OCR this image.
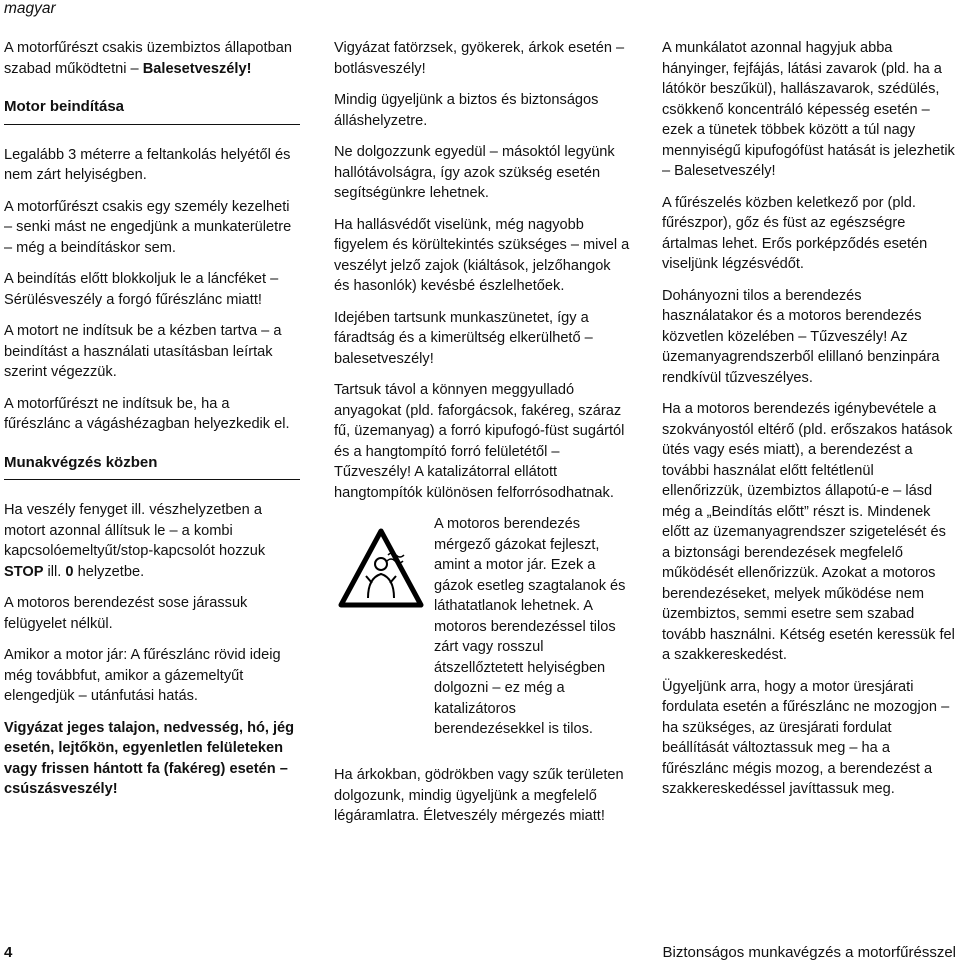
magyar

A motorfűrészt csakis üzembiztos állapotban szabad működtetni – Balesetveszély!

Motor beindítása

Legalább 3 méterre a feltankolás helyétől és nem zárt helyiségben.

A motorfűrészt csakis egy személy kezelheti – senki mást ne engedjünk a munkaterületre – még a beindításkor sem.

A beindítás előtt blokkoljuk le a láncféket – Sérülésveszély a forgó fűrészlánc miatt!

A motort ne indítsuk be a kézben tartva – a beindítást a használati utasításban leírtak szerint végezzük.

A motorfűrészt ne indítsuk be, ha a fűrészlánc a vágáshézagban helyezkedik el.

Munakvégzés közben

Ha veszély fenyget ill. vészhelyzetben a motort azonnal állítsuk le – a kombi kapcsolóemeltyűt/stop-kapcsolót hozzuk STOP ill. 0 helyzetbe.

A motoros berendezést sose járassuk felügyelet nélkül.

Amikor a motor jár: A fűrészlánc rövid ideig még továbbfut, amikor a gázemeltyűt elengedjük – utánfutási hatás.

Vigyázat jeges talajon, nedvesség, hó, jég esetén, lejtőkön, egyenletlen felületeken vagy frissen hántott fa (fakéreg) esetén – csúszásveszély!

Vigyázat fatörzsek, gyökerek, árkok esetén – botlásveszély!

Mindig ügyeljünk a biztos és biztonságos álláshelyzetre.

Ne dolgozzunk egyedül – másoktól legyünk hallótávolságra, így azok szükség esetén segítségünkre lehetnek.

Ha hallásvédőt viselünk, még nagyobb figyelem és körültekintés szükséges – mivel a veszélyt jelző zajok (kiáltások, jelzőhangok és hasonlók) kevésbé észlelhetőek.

Idejében tartsunk munkaszünetet, így a fáradtság és a kimerültség elkerülhető – balesetveszély!

Tartsuk távol a könnyen meggyulladó anyagokat (pld. faforgácsok, fakéreg, száraz fű, üzemanyag) a forró kipufogó-füst sugártól és a hangtompító forró felületétől – Tűzveszély! A katalizátorral ellátott hangtompítók különösen felforrósodhatnak.

A motoros berendezés mérgező gázokat fejleszt, amint a motor jár. Ezek a gázok esetleg szagtalanok és láthatatlanok lehetnek. A motoros berendezéssel tilos zárt vagy rosszul átszellőztetett helyiségben dolgozni – ez még a katalizátoros berendezésekkel is tilos.

Ha árkokban, gödrökben vagy szűk területen dolgozunk, mindig ügyeljünk a megfelelő légáramlatra. Életveszély mérgezés miatt!

A munkálatot azonnal hagyjuk abba hányinger, fejfájás, látási zavarok (pld. ha a látókör beszűkül), hallászavarok, szédülés, csökkenő koncentráló képesség esetén – ezek a tünetek többek között a túl nagy mennyiségű kipufogófüst hatását is jelezhetik – Balesetveszély!

A fűrészelés közben keletkező por (pld. fűrészpor), gőz és füst az egészségre ártalmas lehet. Erős porképződés esetén viseljünk légzésvédőt.

Dohányozni tilos a berendezés használatakor és a motoros berendezés közvetlen közelében – Tűzveszély! Az üzemanyagrendszerből elillanó benzinpára rendkívül tűzveszélyes.

Ha a motoros berendezés igénybevétele a szokványostól eltérő (pld. erőszakos hatások ütés vagy esés miatt), a berendezést a további használat előtt feltétlenül ellenőrizzük, üzembiztos állapotú-e – lásd még a „Beindítás előtt” részt is. Mindenek előtt az üzemanyagrendszer szigetelését és a biztonsági berendezések megfelelő működését ellenőrizzük. Azokat a motoros berendezéseket, melyek működése nem üzembiztos, semmi esetre sem szabad tovább használni. Kétség esetén keressük fel a szakkereskedést.

Ügyeljünk arra, hogy a motor üresjárati fordulata esetén a fűrészlánc ne mozogjon – ha szükséges, az üresjárati fordulat beállítását változtassuk meg – ha a fűrészlánc mégis mozog, a berendezést a szakkereskedéssel javíttassuk meg.

4	Biztonságos munkavégzés a motorfűrésszel
